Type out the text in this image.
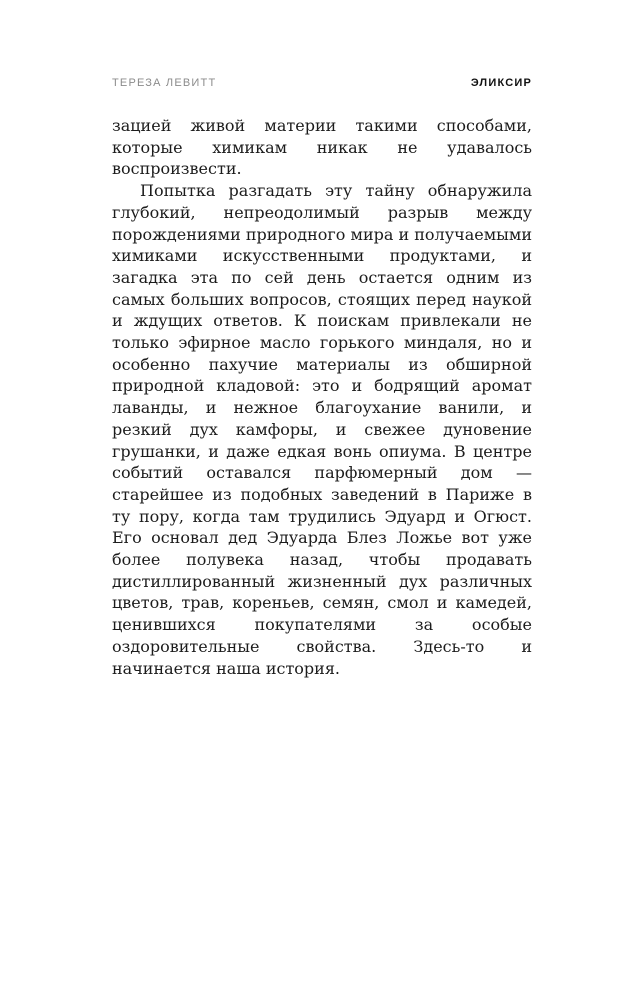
ТЕРЕЗА ЛЕВИТТ	ЭЛИКСИР

зацией живой материи такими способами, которые химикам никак не удавалось воспроизвести.

Попытка разгадать эту тайну обнаружила глубокий, непреодолимый разрыв между порождениями природного мира и получаемыми химиками искусственными продуктами, и загадка эта по сей день остается одним из самых больших вопросов, стоящих перед наукой и ждущих ответов. К поискам привлекали не только эфирное масло горького миндаля, но и особенно пахучие материалы из обширной природной кладовой: это и бодрящий аромат лаванды, и нежное благоухание ванили, и резкий дух камфоры, и свежее дуновение грушанки, и даже едкая вонь опиума. В центре событий оставался парфюмерный дом — старейшее из подобных заведений в Париже в ту пору, когда там трудились Эдуард и Огюст. Его основал дед Эдуарда Блез Ложье вот уже более полувека назад, чтобы продавать дистиллированный жизненный дух различных цветов, трав, кореньев, семян, смол и камедей, ценившихся покупателями за особые оздоровительные свойства. Здесь-то и начинается наша история.
